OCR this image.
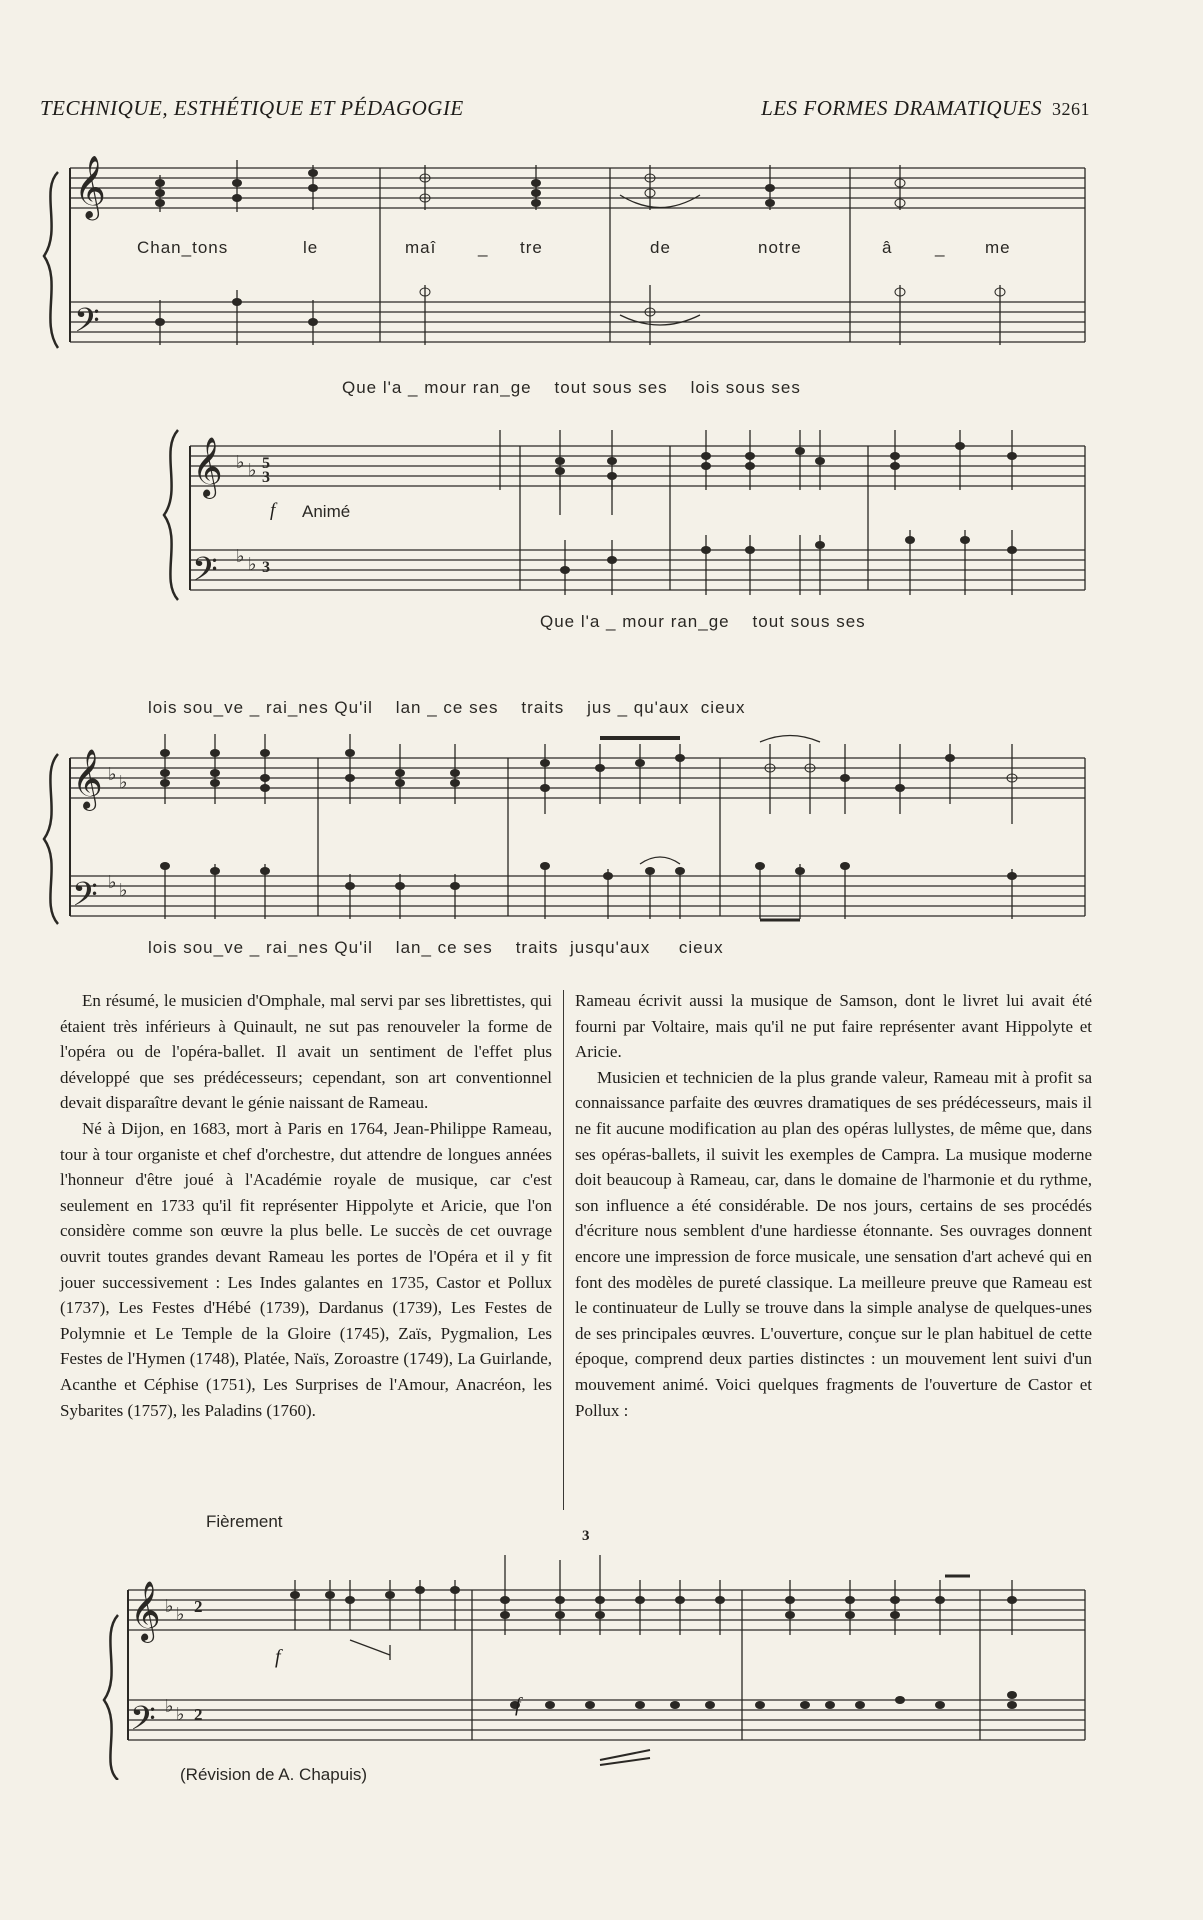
TECHNIQUE, ESTHÉTIQUE ET PÉDAGOGIE	LES FORMES DRAMATIQUES 3261
𝄞
𝄢
Chan_tons	le	maî _ tre	de	notre	â	_ me
Que l'a _ mour ran_ge    tout sous ses    lois sous ses
𝄞
𝄢
♭ ♭
♭ ♭
5
3
3
f Animé
Que l'a _ mour ran_ge    tout sous ses
lois sou_ve _ rai_nes Qu'il    lan _ ce ses    traits    jus _ qu'aux  cieux
𝄞
𝄢
♭ ♭
♭ ♭
lois sou_ve _ rai_nes Qu'il    lan_ ce ses    traits  jusqu'aux     cieux

En résumé, le musicien d'Omphale, mal servi par ses librettistes, qui étaient très inférieurs à Quinault, ne sut pas renouveler la forme de l'opéra ou de l'opéra-ballet. Il avait un sentiment de l'effet plus développé que ses prédécesseurs; cependant, son art conventionnel devait disparaître devant le génie naissant de Rameau.

Né à Dijon, en 1683, mort à Paris en 1764, Jean-Philippe Rameau, tour à tour organiste et chef d'orchestre, dut attendre de longues années l'honneur d'être joué à l'Académie royale de musique, car c'est seulement en 1733 qu'il fit représenter Hippolyte et Aricie, que l'on considère comme son œuvre la plus belle. Le succès de cet ouvrage ouvrit toutes grandes devant Rameau les portes de l'Opéra et il y fit jouer successivement : Les Indes galantes en 1735, Castor et Pollux (1737), Les Festes d'Hébé (1739), Dardanus (1739), Les Festes de Polymnie et Le Temple de la Gloire (1745), Zaïs, Pygmalion, Les Festes de l'Hymen (1748), Platée, Naïs, Zoroastre (1749), La Guirlande, Acanthe et Céphise (1751), Les Surprises de l'Amour, Anacréon, les Sybarites (1757), les Paladins (1760).

Rameau écrivit aussi la musique de Samson, dont le livret lui avait été fourni par Voltaire, mais qu'il ne put faire représenter avant Hippolyte et Aricie.

Musicien et technicien de la plus grande valeur, Rameau mit à profit sa connaissance parfaite des œuvres dramatiques de ses prédécesseurs, mais il ne fit aucune modification au plan des opéras lullystes, de même que, dans ses opéras-ballets, il suivit les exemples de Campra. La musique moderne doit beaucoup à Rameau, car, dans le domaine de l'harmonie et du rythme, son influence a été considérable. De nos jours, certains de ses procédés d'écriture nous semblent d'une hardiesse étonnante. Ses ouvrages donnent encore une impression de force musicale, une sensation d'art achevé qui en font des modèles de pureté classique. La meilleure preuve que Rameau est le continuateur de Lully se trouve dans la simple analyse de quelques-unes de ses principales œuvres. L'ouverture, conçue sur le plan habituel de cette époque, comprend deux parties distinctes : un mouvement lent suivi d'un mouvement animé. Voici quelques fragments de l'ouverture de Castor et Pollux :

Fièrement
𝄞
𝄢
♭ ♭
♭ ♭
2
2
3
f
f
(Révision de A. Chapuis)
